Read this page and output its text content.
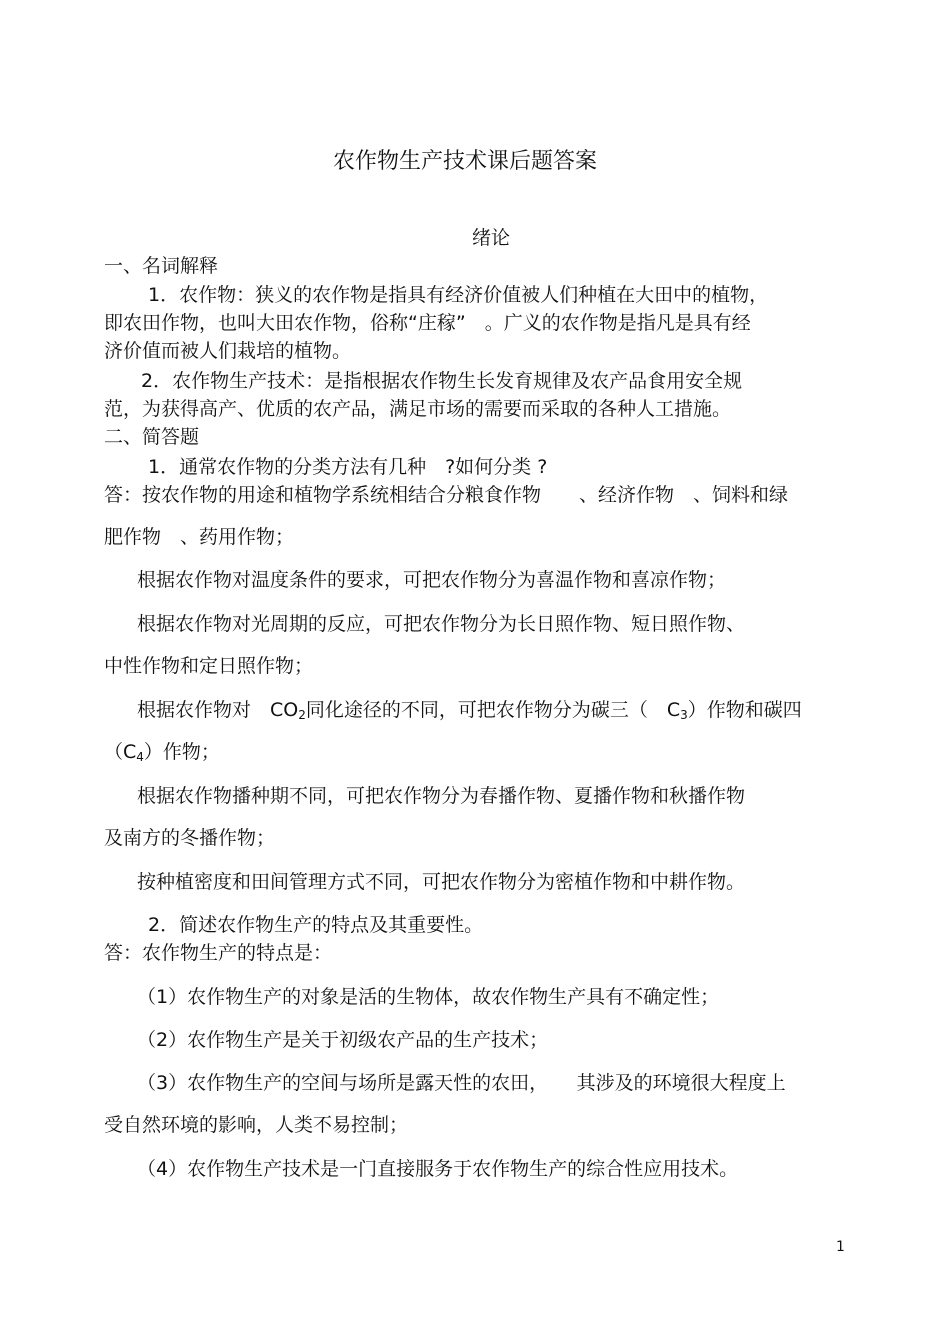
农作物生产技术课后题答案
绪论
一、名词解释
1．农作物：狭义的农作物是指具有经济价值被人们种植在大田中的植物，
即农田作物，也叫大田农作物，俗称“庄稼”　。广义的农作物是指凡是具有经
济价值而被人们栽培的植物。
2．农作物生产技术：是指根据农作物生长发育规律及农产品食用安全规
范，为获得高产、优质的农产品，满足市场的需要而采取的各种人工措施。
二、简答题
1．通常农作物的分类方法有几种　?如何分类 ?
答：按农作物的用途和植物学系统相结合分粮食作物　　、经济作物　、饲料和绿
肥作物　、药用作物；
根据农作物对温度条件的要求，可把农作物分为喜温作物和喜凉作物；
根据农作物对光周期的反应，可把农作物分为长日照作物、短日照作物、
中性作物和定日照作物；
根据农作物对　$CO_2$同化途径的不同，可把农作物分为碳三（　$C_3$）作物和碳四
$(C_4)$作物；
根据农作物播种期不同，可把农作物分为春播作物、夏播作物和秋播作物
及南方的冬播作物；
按种植密度和田间管理方式不同，可把农作物分为密植作物和中耕作物。
2．简述农作物生产的特点及其重要性。
答：农作物生产的特点是：
（1）农作物生产的对象是活的生物体，故农作物生产具有不确定性；
（2）农作物生产是关于初级农产品的生产技术；
（3）农作物生产的空间与场所是露天性的农田，　　其涉及的环境很大程度上
受自然环境的影响，人类不易控制；
（4）农作物生产技术是一门直接服务于农作物生产的综合性应用技术。
1
